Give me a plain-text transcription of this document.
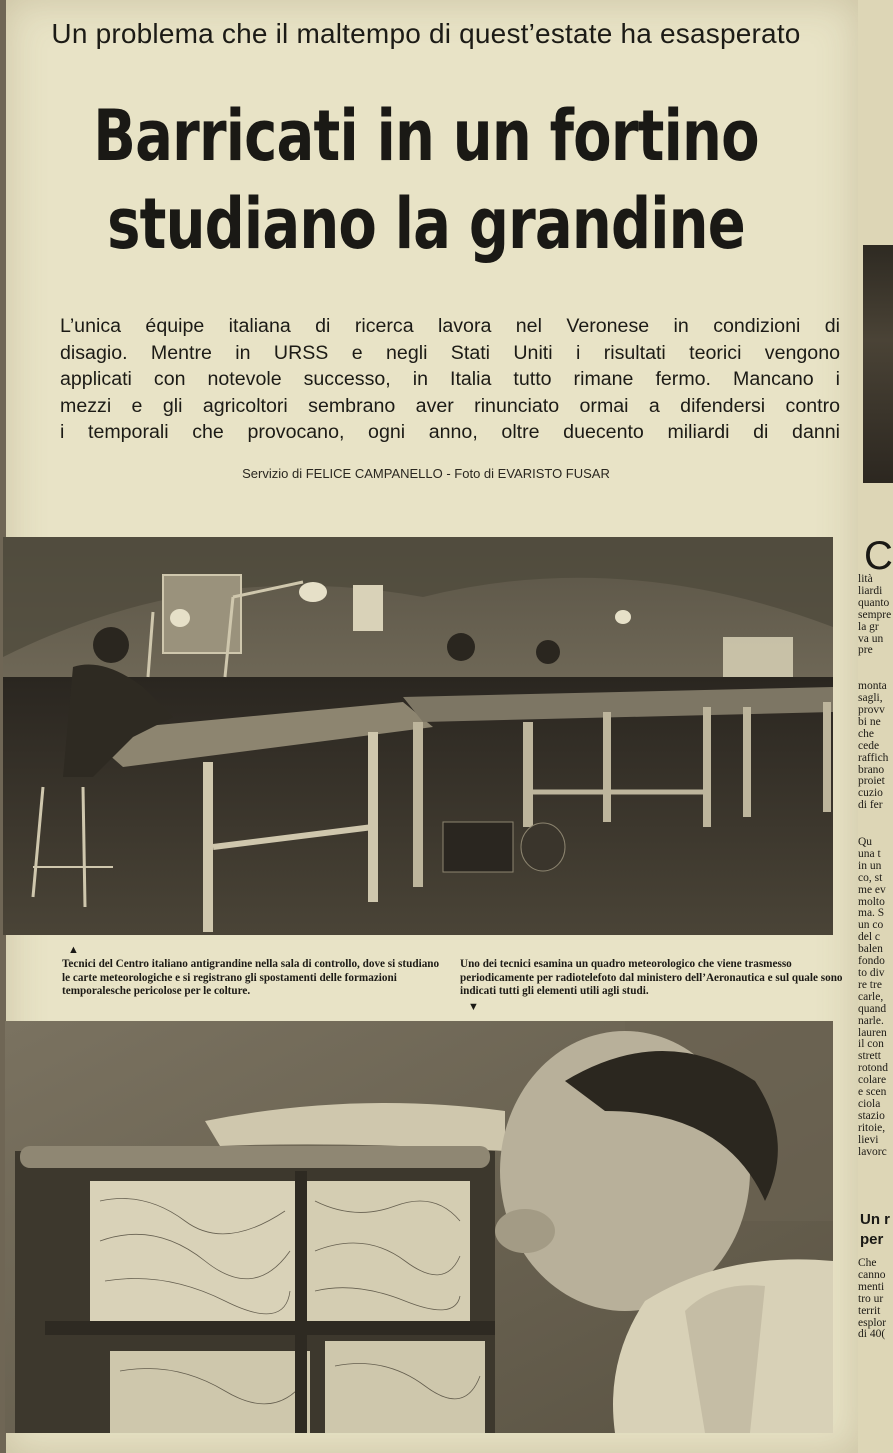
Un problema che il maltempo di quest’estate ha esasperato
Barricati in un fortino
studiano la grandine
L’unica équipe italiana di ricerca lavora nel Veronese in condizioni di
disagio. Mentre in URSS e negli Stati Uniti i risultati teorici vengono
applicati con notevole successo, in Italia tutto rimane fermo. Mancano i
mezzi e gli agricoltori sembrano aver rinunciato ormai a difendersi contro
i temporali che provocano, ogni anno, oltre duecento miliardi di danni
Servizio di FELICE CAMPANELLO - Foto di EVARISTO FUSAR
▲
Tecnici del Centro italiano antigrandine nella sala di controllo, dove si studiano le carte meteorologiche e si registrano gli spostamenti delle formazioni temporalesche pericolose per le colture.
Uno dei tecnici esamina un quadro meteorologico che viene trasmesso periodicamente per radiotelefoto dal ministero dell’Aeronautica e sul quale sono indicati tutti gli elementi utili agli studi.
▼
C
lità
liardi
quanto
sempre
la gr
va un
pre

monta
sagli,
provv
bi ne
che
cede
raffich
brano
proiet
cuzio
di fer
Qu
una t
in un
co, st
me ev
molto
ma. S
un co
del c
balen
fondo
to div
re tre
carle,
quand
narle.
lauren
il con
strett
rotond
colare
e scen
ciola
stazio
ritoie,
lievi
lavorc
Un r
per
Che
canno
menti
tro ur
territ
esplor
di 40(
